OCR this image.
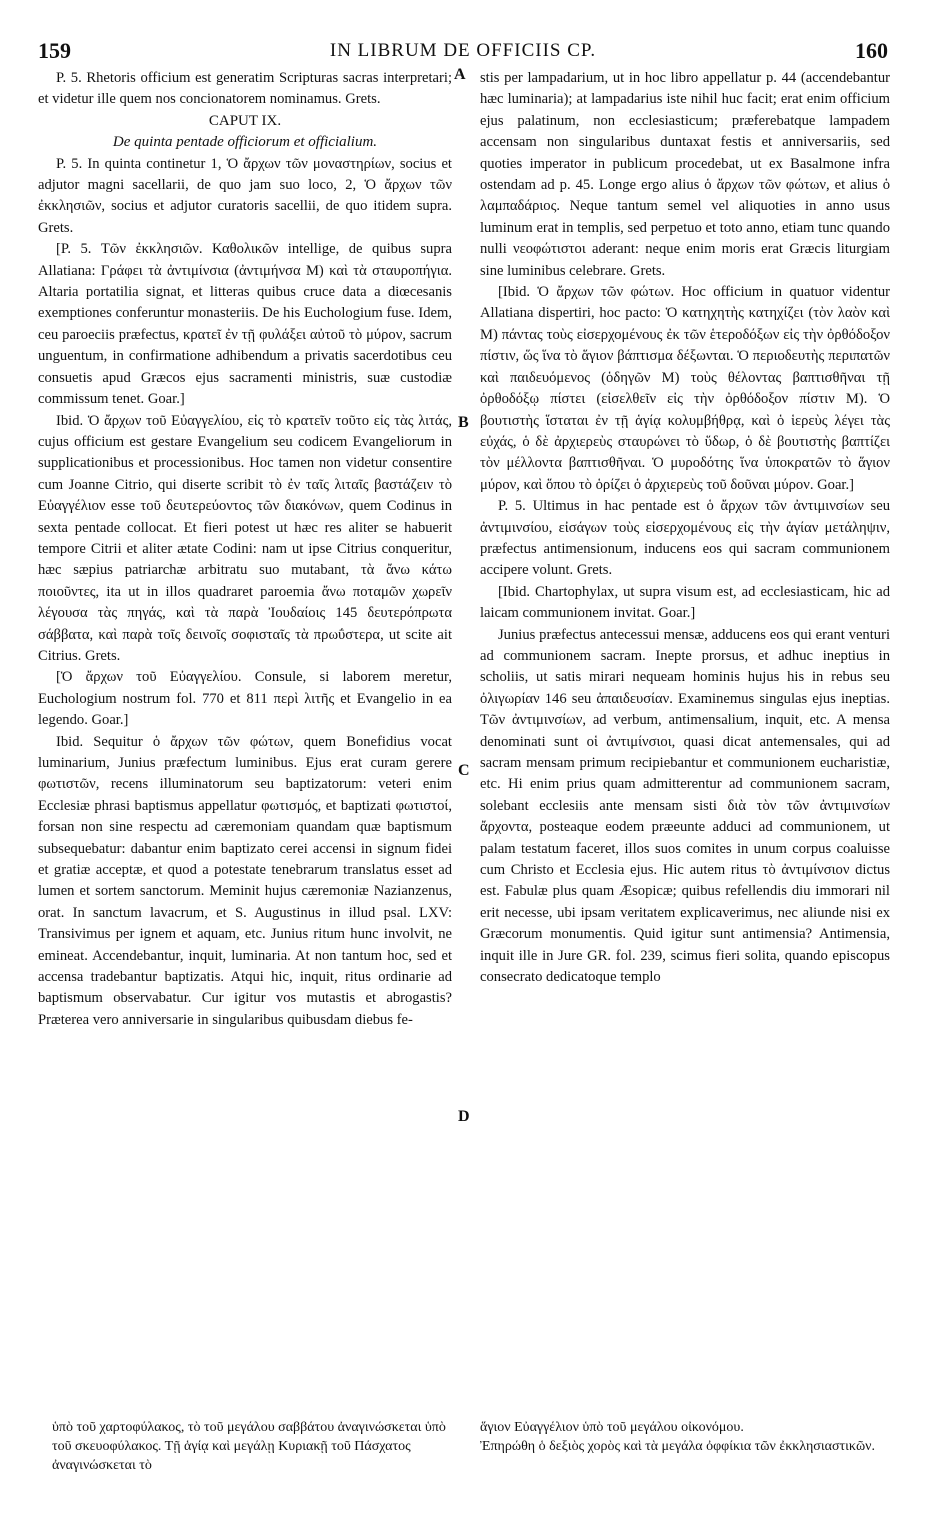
159	IN LIBRUM DE OFFICIIS CP.	160
A
B
C
D

P. 5. Rhetoris officium est generatim Scripturas sacras interpretari; et videtur ille quem nos concionatorem nominamus. Grets.

CAPUT IX.

De quinta pentade officiorum et officialium.

P. 5. In quinta continetur 1, Ὁ ἄρχων τῶν μοναστηρίων, socius et adjutor magni sacellarii, de quo jam suo loco, 2, Ὁ ἄρχων τῶν ἐκκλησιῶν, socius et adjutor curatoris sacellii, de quo itidem supra. Grets.

[P. 5. Τῶν ἐκκλησιῶν. Καθολικῶν intellige, de quibus supra Allatiana: Γράφει τὰ ἀντιμίνσια (ἀντιμήνσα M) καὶ τὰ σταυροπήγια. Altaria portatilia signat, et litteras quibus cruce data a diœcesanis exemptiones conferuntur monasteriis. De his Euchologium fuse. Idem, ceu paroeciis præfectus, κρατεῖ ἐν τῇ φυλάξει αὐτοῦ τὸ μύρον, sacrum unguentum, in confirmatione adhibendum a privatis sacerdotibus ceu consuetis apud Græcos ejus sacramenti ministris, suæ custodiæ commissum tenet. Goar.]

Ibid. Ὁ ἄρχων τοῦ Εὐαγγελίου, εἰς τὸ κρατεῖν τοῦτο εἰς τὰς λιτάς, cujus officium est gestare Evangelium seu codicem Evangeliorum in supplicationibus et processionibus. Hoc tamen non videtur consentire cum Joanne Citrio, qui diserte scribit τὸ ἐν ταῖς λιταῖς βαστάζειν τὸ Εὐαγγέλιον esse τοῦ δευτερεύοντος τῶν διακόνων, quem Codinus in sexta pentade collocat. Et fieri potest ut hæc res aliter se habuerit tempore Citrii et aliter ætate Codini: nam ut ipse Citrius conqueritur, hæc sæpius patriarchæ arbitratu suo mutabant, τὰ ἄνω κάτω ποιοῦντες, ita ut in illos quadraret paroemia ἄνω ποταμῶν χωρεῖν λέγουσα τὰς πηγάς, καὶ τὰ παρὰ Ἰουδαίοις 145 δευτερόπρωτα σάββατα, καὶ παρὰ τοῖς δεινοῖς σοφισταῖς τὰ πρωΰστερα, ut scite ait Citrius. Grets.

[Ὁ ἄρχων τοῦ Εὐαγγελίου. Consule, si laborem meretur, Euchologium nostrum fol. 770 et 811 περὶ λιτῆς et Evangelio in ea legendo. Goar.]

Ibid. Sequitur ὁ ἄρχων τῶν φώτων, quem Bonefidius vocat luminarium, Junius præfectum luminibus. Ejus erat curam gerere φωτιστῶν, recens illuminatorum seu baptizatorum: veteri enim Ecclesiæ phrasi baptismus appellatur φωτισμός, et baptizati φωτιστοί, forsan non sine respectu ad cæremoniam quandam quæ baptismum subsequebatur: dabantur enim baptizato cerei accensi in signum fidei et gratiæ acceptæ, et quod a potestate tenebrarum translatus esset ad lumen et sortem sanctorum. Meminit hujus cæremoniæ Nazianzenus, orat. In sanctum lavacrum, et S. Augustinus in illud psal. LXV: Transivimus per ignem et aquam, etc. Junius ritum hunc involvit, ne emineat. Accendebantur, inquit, luminaria. At non tantum hoc, sed et accensa tradebantur baptizatis. Atqui hic, inquit, ritus ordinarie ad baptismum observabatur. Cur igitur vos mutastis et abrogastis? Præterea vero anniversarie in singularibus quibusdam diebus fe-

stis per lampadarium, ut in hoc libro appellatur p. 44 (accendebantur hæc luminaria); at lampadarius iste nihil huc facit; erat enim officium ejus palatinum, non ecclesiasticum; præferebatque lampadem accensam non singularibus duntaxat festis et anniversariis, sed quoties imperator in publicum procedebat, ut ex Basalmone infra ostendam ad p. 45. Longe ergo alius ὁ ἄρχων τῶν φώτων, et alius ὁ λαμπαδάριος. Neque tantum semel vel aliquoties in anno usus luminum erat in templis, sed perpetuo et toto anno, etiam tunc quando nulli νεοφώτιστοι aderant: neque enim moris erat Græcis liturgiam sine luminibus celebrare. Grets.

[Ibid. Ὁ ἄρχων τῶν φώτων. Hoc officium in quatuor videntur Allatiana dispertiri, hoc pacto: Ὁ κατηχητὴς κατηχίζει (τὸν λαὸν καὶ M) πάντας τοὺς εἰσερχομένους ἐκ τῶν ἑτεροδόξων εἰς τὴν ὀρθόδοξον πίστιν, ὥς ἵνα τὸ ἅγιον βάπτισμα δέξωνται. Ὁ περιοδευτὴς περιπατῶν καὶ παιδευόμενος (ὁδηγῶν M) τοὺς θέλοντας βαπτισθῆναι τῇ ὀρθοδόξῳ πίστει (εἰσελθεῖν εἰς τὴν ὀρθόδοξον πίστιν M). Ὁ βουτιστὴς ἵσταται ἐν τῇ ἁγίᾳ κολυμβήθρᾳ, καὶ ὁ ἱερεὺς λέγει τὰς εὐχάς, ὁ δὲ ἀρχιερεὺς σταυρώνει τὸ ὕδωρ, ὁ δὲ βουτιστὴς βαπτίζει τὸν μέλλοντα βαπτισθῆναι. Ὁ μυροδότης ἵνα ὑποκρατῶν τὸ ἅγιον μύρον, καὶ ὅπου τὸ ὁρίζει ὁ ἀρχιερεὺς τοῦ δοῦναι μύρον. Goar.]

P. 5. Ultimus in hac pentade est ὁ ἄρχων τῶν ἀντιμινσίων seu ἀντιμινσίου, εἰσάγων τοὺς εἰσερχομένους εἰς τὴν ἁγίαν μετάληψιν, præfectus antimensionum, inducens eos qui sacram communionem accipere volunt. Grets.

[Ibid. Chartophylax, ut supra visum est, ad ecclesiasticam, hic ad laicam communionem invitat. Goar.]

Junius præfectus antecessui mensæ, adducens eos qui erant venturi ad communionem sacram. Inepte prorsus, et adhuc ineptius in scholiis, ut satis mirari nequeam hominis hujus his in rebus seu ὀλιγωρίαν 146 seu ἀπαιδευσίαν. Examinemus singulas ejus ineptias. Τῶν ἀντιμινσίων, ad verbum, antimensalium, inquit, etc. A mensa denominati sunt οἱ ἀντιμίνσιοι, quasi dicat antemensales, qui ad sacram mensam primum recipiebantur et communionem eucharistiæ, etc. Hi enim prius quam admitterentur ad communionem sacram, solebant ecclesiis ante mensam sisti διὰ τὸν τῶν ἀντιμινσίων ἄρχοντα, posteaque eodem præeunte adduci ad communionem, ut palam testatum faceret, illos suos comites in unum corpus coaluisse cum Christo et Ecclesia ejus. Hic autem ritus τὸ ἀντιμίνσιον dictus est. Fabulæ plus quam Æsopicæ; quibus refellendis diu immorari nil erit necesse, ubi ipsam veritatem explicaverimus, nec aliunde nisi ex Græcorum monumentis. Quid igitur sunt antimensia? Antimensia, inquit ille in Jure GR. fol. 239, scimus fieri solita, quando episcopus consecrato dedicatoque templo

ὑπὸ τοῦ χαρτοφύλακος, τὸ τοῦ μεγάλου σαββάτου ἀναγινώσκεται ὑπὸ τοῦ σκευοφύλακος. Τῇ ἁγίᾳ καὶ μεγάλῃ Κυριακῇ τοῦ Πάσχατος ἀναγινώσκεται τὸ

ἅγιον Εὐαγγέλιον ὑπὸ τοῦ μεγάλου οἰκονόμου.

Ἐπηρώθη ὁ δεξιὸς χορὸς καὶ τὰ μεγάλα ὀφφίκια τῶν ἐκκλησιαστικῶν.
